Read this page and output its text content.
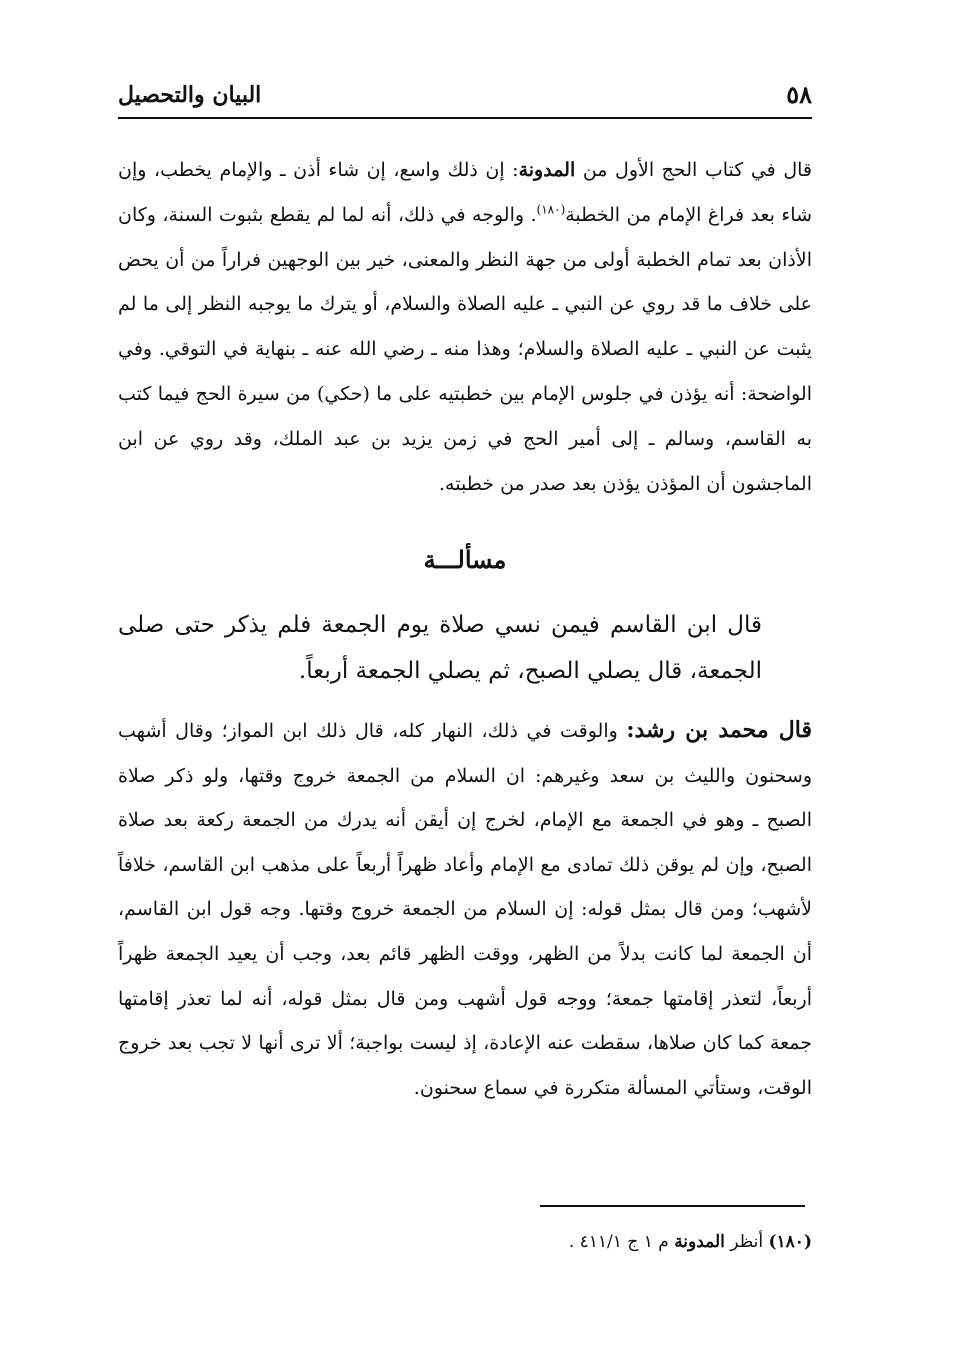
٥٨
البيان والتحصيل

قال في كتاب الحج الأول من المدونة: إن ذلك واسع، إن شاء أذن ـ والإمام يخطب، وإن شاء بعد فراغ الإمام من الخطبة$^{(١٨٠)}$. والوجه في ذلك، أنه لما لم يقطع بثبوت السنة، وكان الأذان بعد تمام الخطبة أولى من جهة النظر والمعنى، خير بين الوجهين فراراً من أن يحض على خلاف ما قد روي عن النبي ـ عليه الصلاة والسلام، أو يترك ما يوجبه النظر إلى ما لم يثبت عن النبي ـ عليه الصلاة والسلام؛ وهذا منه ـ رضي الله عنه ـ بنهاية في التوقي. وفي الواضحة: أنه يؤذن في جلوس الإمام بين خطبتيه على ما (حكي) من سيرة الحج فيما كتب به القاسم، وسالم ـ إلى أمير الحج في زمن يزيد بن عبد الملك، وقد روي عن ابن الماجشون أن المؤذن يؤذن بعد صدر من خطبته.

مسألـــة

قال ابن القاسم فيمن نسي صلاة يوم الجمعة فلم يذكر حتى صلى الجمعة، قال يصلي الصبح، ثم يصلي الجمعة أربعاً.

قال محمد بن رشد: والوقت في ذلك، النهار كله، قال ذلك ابن المواز؛ وقال أشهب وسحنون والليث بن سعد وغيرهم: ان السلام من الجمعة خروج وقتها، ولو ذكر صلاة الصبح ـ وهو في الجمعة مع الإمام، لخرج إن أيقن أنه يدرك من الجمعة ركعة بعد صلاة الصبح، وإن لم يوقن ذلك تمادى مع الإمام وأعاد ظهراً أربعاً على مذهب ابن القاسم، خلافاً لأشهب؛ ومن قال بمثل قوله: إن السلام من الجمعة خروج وقتها. وجه قول ابن القاسم، أن الجمعة لما كانت بدلاً من الظهر، ووقت الظهر قائم بعد، وجب أن يعيد الجمعة ظهراً أربعاً، لتعذر إقامتها جمعة؛ ووجه قول أشهب ومن قال بمثل قوله، أنه لما تعذر إقامتها جمعة كما كان صلاها، سقطت عنه الإعادة، إذ ليست بواجبة؛ ألا ترى أنها لا تجب بعد خروج الوقت، وستأتي المسألة متكررة في سماع سحنون.

(١٨٠) أنظر المدونة م ١ ج ٤١١/١ .
